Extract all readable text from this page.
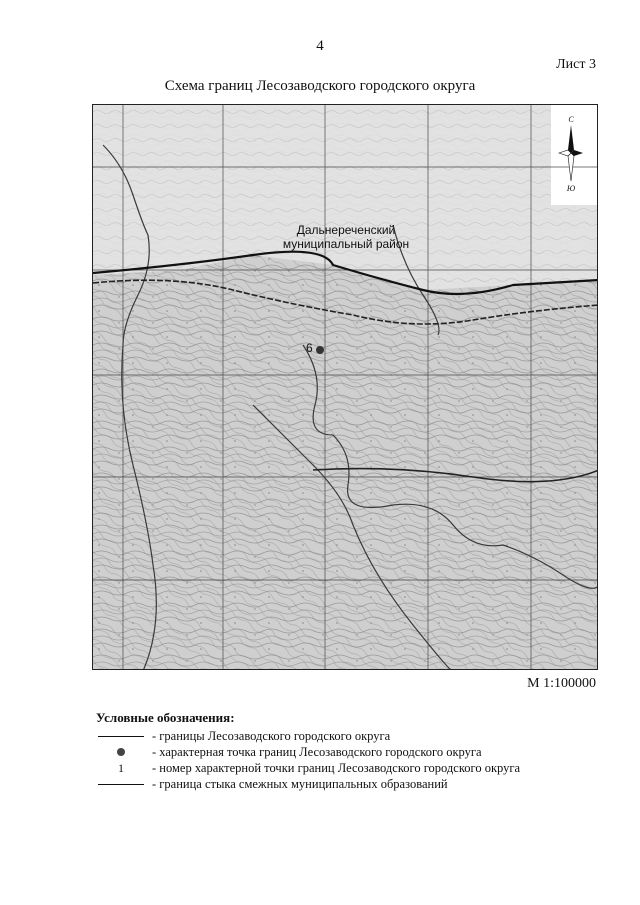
4
Лист 3
Схема границ Лесозаводского городского округа
6
Дальнереченский
муниципальный район
С
Ю
М 1:100000
Условные обозначения:
- границы Лесозаводского городского округа
- характерная точка границ Лесозаводского городского округа
1	- номер характерной точки границ Лесозаводского городского округа
- граница стыка смежных муниципальных образований
